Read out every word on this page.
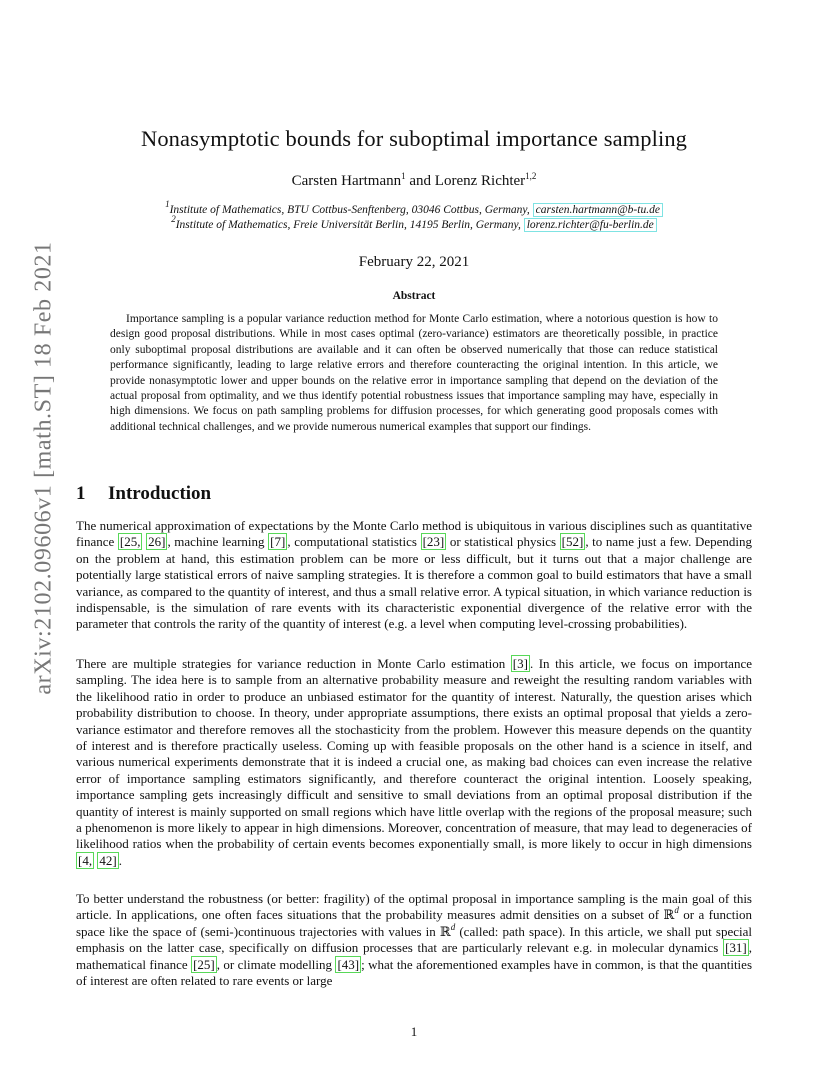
arXiv:2102.09606v1 [math.ST] 18 Feb 2021
Nonasymptotic bounds for suboptimal importance sampling
Carsten Hartmann$^1$ and Lorenz Richter$^{1,2}$
$^1$Institute of Mathematics, BTU Cottbus-Senftenberg, 03046 Cottbus, Germany, carsten.hartmann@b-tu.de
$^2$Institute of Mathematics, Freie Universität Berlin, 14195 Berlin, Germany, lorenz.richter@fu-berlin.de
February 22, 2021
Abstract

Importance sampling is a popular variance reduction method for Monte Carlo estimation, where a notorious question is how to design good proposal distributions. While in most cases optimal (zero-variance) estimators are theoretically possible, in practice only suboptimal proposal distributions are available and it can often be observed numerically that those can reduce statistical performance significantly, leading to large relative errors and therefore counteracting the original intention. In this article, we provide nonasymptotic lower and upper bounds on the relative error in importance sampling that depend on the deviation of the actual proposal from optimality, and we thus identify potential robustness issues that importance sampling may have, especially in high dimensions. We focus on path sampling problems for diffusion processes, for which generating good proposals comes with additional technical challenges, and we provide numerous numerical examples that support our findings.

1 Introduction

The numerical approximation of expectations by the Monte Carlo method is ubiquitous in various disciplines such as quantitative finance [25, 26] , machine learning [7] , computational statistics [23] or statistical physics [52] , to name just a few. Depending on the problem at hand, this estimation problem can be more or less difficult, but it turns out that a major challenge are potentially large statistical errors of naive sampling strategies. It is therefore a common goal to build estimators that have a small variance, as compared to the quantity of interest, and thus a small relative error. A typical situation, in which variance reduction is indispensable, is the simulation of rare events with its characteristic exponential divergence of the relative error with the parameter that controls the rarity of the quantity of interest (e.g. a level when computing level-crossing probabilities).

There are multiple strategies for variance reduction in Monte Carlo estimation [3] . In this article, we focus on importance sampling. The idea here is to sample from an alternative probability measure and reweight the resulting random variables with the likelihood ratio in order to produce an unbiased estimator for the quantity of interest. Naturally, the question arises which probability distribution to choose. In theory, under appropriate assumptions, there exists an optimal proposal that yields a zero-variance estimator and therefore removes all the stochasticity from the problem. However this measure depends on the quantity of interest and is therefore practically useless. Coming up with feasible proposals on the other hand is a science in itself, and various numerical experiments demonstrate that it is indeed a crucial one, as making bad choices can even increase the relative error of importance sampling estimators significantly, and therefore counteract the original intention. Loosely speaking, importance sampling gets increasingly difficult and sensitive to small deviations from an optimal proposal distribution if the quantity of interest is mainly supported on small regions which have little overlap with the regions of the proposal measure; such a phenomenon is more likely to appear in high dimensions. Moreover, concentration of measure, that may lead to degeneracies of likelihood ratios when the probability of certain events becomes exponentially small, is more likely to occur in high dimensions [4, 42] .

To better understand the robustness (or better: fragility) of the optimal proposal in importance sampling is the main goal of this article. In applications, one often faces situations that the probability measures admit densities on a subset of ℝ$^d$ or a function space like the space of (semi-)continuous trajectories with values in ℝ$^d$ (called: path space). In this article, we shall put special emphasis on the latter case, specifically on diffusion processes that are particularly relevant e.g. in molecular dynamics [31] , mathematical finance [25] , or climate modelling [43] ; what the aforementioned examples have in common, is that the quantities of interest are often related to rare events or large

1
